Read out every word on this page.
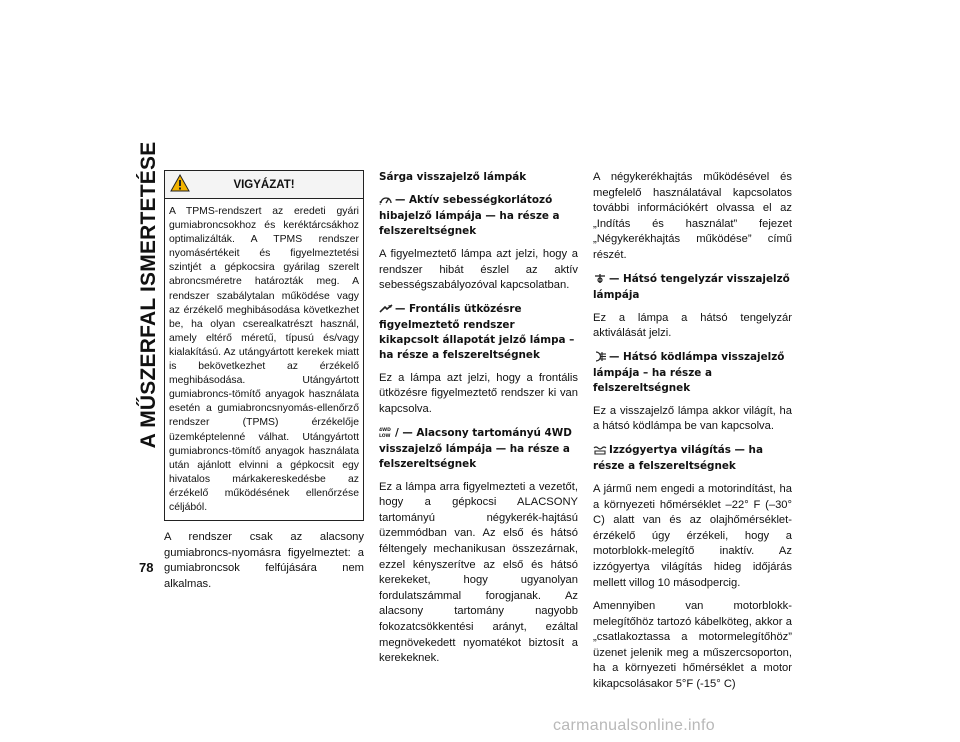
A MŰSZERFAL ISMERTETÉSE
78
VIGYÁZAT!
A TPMS-rendszert az eredeti gyári gumiabroncsokhoz és keréktárcsákhoz optimalizálták. A TPMS rendszer nyomásértékeit és figyelmeztetési szintjét a gépkocsira gyárilag szerelt abroncsméretre határozták meg. A rendszer szabálytalan működése vagy az érzékelő meghibásodása következhet be, ha olyan cserealkatrészt használ, amely eltérő méretű, típusú és/vagy kialakítású. Az utángyártott kerekek miatt is bekövetkezhet az érzékelő meghibásodása. Utángyártott gumiabroncs-tömítő anyagok használata esetén a gumiabroncsnyomás-ellenőrző rendszer (TPMS) érzékelője üzemképtelenné válhat. Utángyártott gumiabroncs-tömítő anyagok használata után ajánlott elvinni a gépkocsit egy hivatalos márkakereskedésbe az érzékelő működésének ellenőrzése céljából.

A rendszer csak az alacsony gumiabroncs-nyomásra figyelmeztet: a gumiabroncsok felfújására nem alkalmas.

Sárga visszajelző lámpák
! — Aktív sebességkorlátozó hibajelző lámpája — ha része a felszereltségnek

A figyelmeztető lámpa azt jelzi, hogy a rendszer hibát észlel az aktív sebességszabályozóval kapcsolatban.

— Frontális ütközésre figyelmeztető rendszer kikapcsolt állapotát jelző lámpa – ha része a felszereltségnek

Ez a lámpa azt jelzi, hogy a frontális ütközésre figyelmeztető rendszer ki van kapcsolva.

4WD
LOW / — Alacsony tartományú 4WD visszajelző lámpája — ha része a felszereltségnek

Ez a lámpa arra figyelmezteti a vezetőt, hogy a gépkocsi ALACSONY tartományú négykerék-hajtású üzemmódban van. Az első és hátsó féltengely mechanikusan összezárnak, ezzel kényszerítve az első és hátsó kerekeket, hogy ugyanolyan fordulatszámmal forogjanak. Az alacsony tartomány nagyobb fokozatcsökkentési arányt, ezáltal megnövekedett nyomatékot biztosít a kerekeknek.

A négykerékhajtás működésével és megfelelő használatával kapcsolatos további információkért olvassa el az „Indítás és használat” fejezet „Négykerékhajtás működése” című részét.

— Hátsó tengelyzár visszajelző lámpája

Ez a lámpa a hátsó tengelyzár aktiválását jelzi.

— Hátsó ködlámpa visszajelző lámpája – ha része a felszereltségnek

Ez a visszajelző lámpa akkor világít, ha a hátsó ködlámpa be van kapcsolva.

Izzógyertya világítás — ha része a felszereltségnek

A jármű nem engedi a motorindítást, ha a környezeti hőmérséklet –22° F (–30° C) alatt van és az olajhőmérséklet-érzékelő úgy érzékeli, hogy a motorblokk-melegítő inaktív. Az izzógyertya világítás hideg időjárás mellett villog 10 másodpercig.

Amennyiben van motorblokk-melegítőhöz tartozó kábelköteg, akkor a „csatlakoztassa a motormelegítőhöz” üzenet jelenik meg a műszercsoporton, ha a környezeti hőmérséklet a motor kikapcsolásakor 5°F (-15° C)

carmanualsonline.info
